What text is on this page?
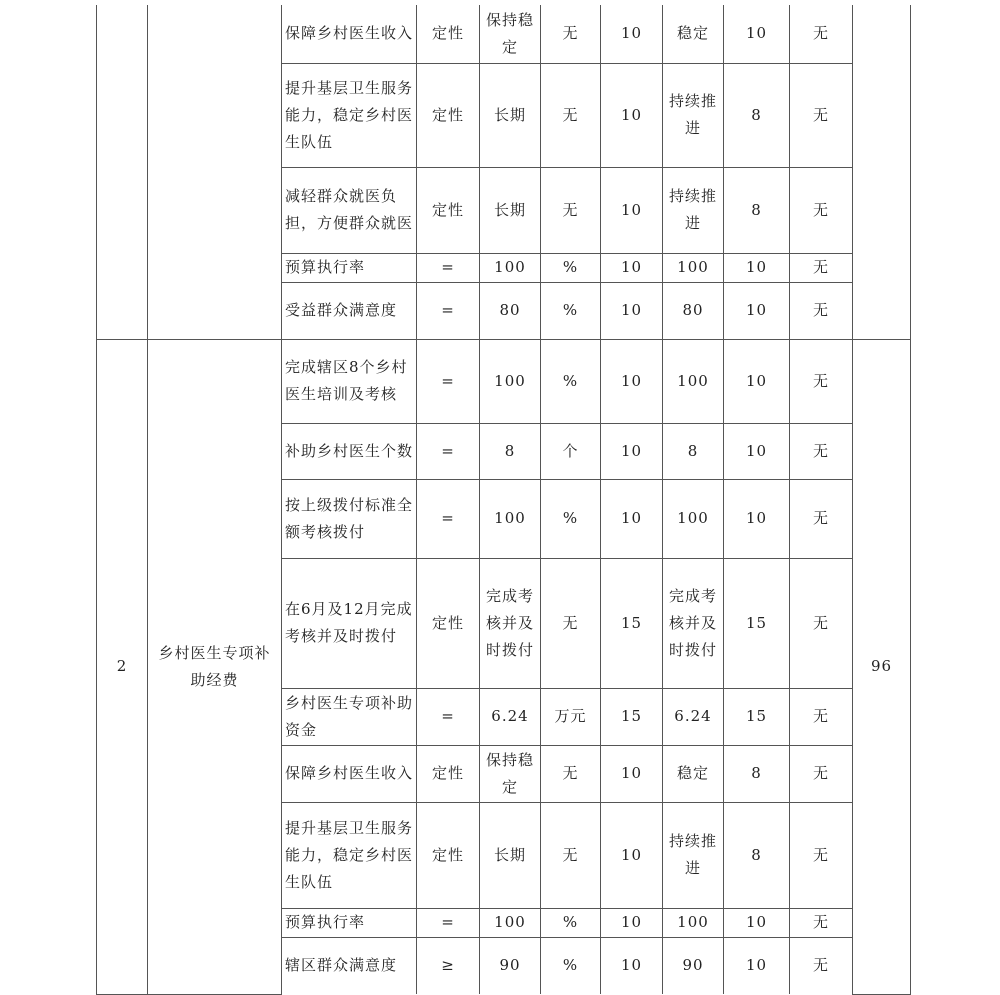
		保障乡村医生收入	定性	保持稳定	无	10	稳定	10	无	
		提升基层卫生服务能力，稳定乡村医生队伍	定性	长期	无	10	持续推进	8	无	
		减轻群众就医负担，方便群众就医	定性	长期	无	10	持续推进	8	无	
		预算执行率	=	100	%	10	100	10	无	
		受益群众满意度	=	80	%	10	80	10	无	
2	乡村医生专项补助经费	完成辖区8个乡村医生培训及考核	=	100	%	10	100	10	无	96
		补助乡村医生个数	=	8	个	10	8	10	无	
		按上级拨付标准全额考核拨付	=	100	%	10	100	10	无	
		在6月及12月完成考核并及时拨付	定性	完成考核并及时拨付	无	15	完成考核并及时拨付	15	无	
		乡村医生专项补助资金	=	6.24	万元	15	6.24	15	无	
		保障乡村医生收入	定性	保持稳定	无	10	稳定	8	无	
		提升基层卫生服务能力，稳定乡村医生队伍	定性	长期	无	10	持续推进	8	无	
		预算执行率	=	100	%	10	100	10	无	
		辖区群众满意度	≥	90	%	10	90	10	无	
